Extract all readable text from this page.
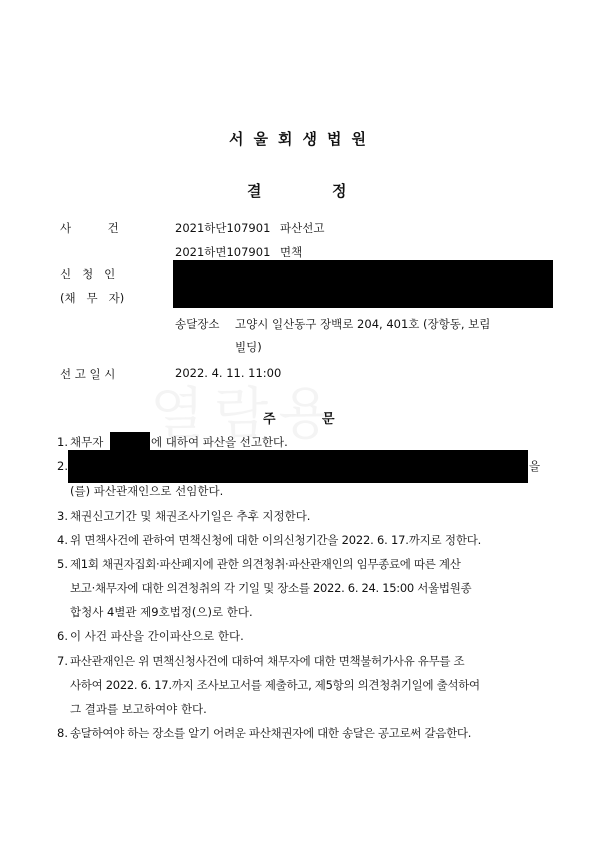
서울회생법원
결	정
사          건	2021하단107901 파산선고
2021하면107901 면책
신   청   인
(채   무   자)
송달장소 고양시 일산동구 장백로 204, 401호 (장항동, 보림
빌딩)
선 고 일 시	2022. 4. 11. 11:00
주	문
1. 채무자	에 대하여 파산을 선고한다.
2.	을
(를) 파산관재인으로 선임한다.
3. 채권신고기간 및 채권조사기일은 추후 지정한다.
4. 위 면책사건에 관하여 면책신청에 대한 이의신청기간을 2022. 6. 17.까지로 정한다.
5. 제1회 채권자집회·파산폐지에 관한 의견청취·파산관재인의 임무종료에 따른 계산
보고·채무자에 대한 의견청취의 각 기일 및 장소를 2022. 6. 24. 15:00 서울법원종
합청사 4별관 제9호법정(으)로 한다.
6. 이 사건 파산을 간이파산으로 한다.
7. 파산관재인은 위 면책신청사건에 대하여 채무자에 대한 면책불허가사유 유무를 조
사하여 2022. 6. 17.까지 조사보고서를 제출하고, 제5항의 의견청취기일에 출석하여
그 결과를 보고하여야 한다.
8. 송달하여야 하는 장소를 알기 어려운 파산채권자에 대한 송달은 공고로써 갈음한다.
